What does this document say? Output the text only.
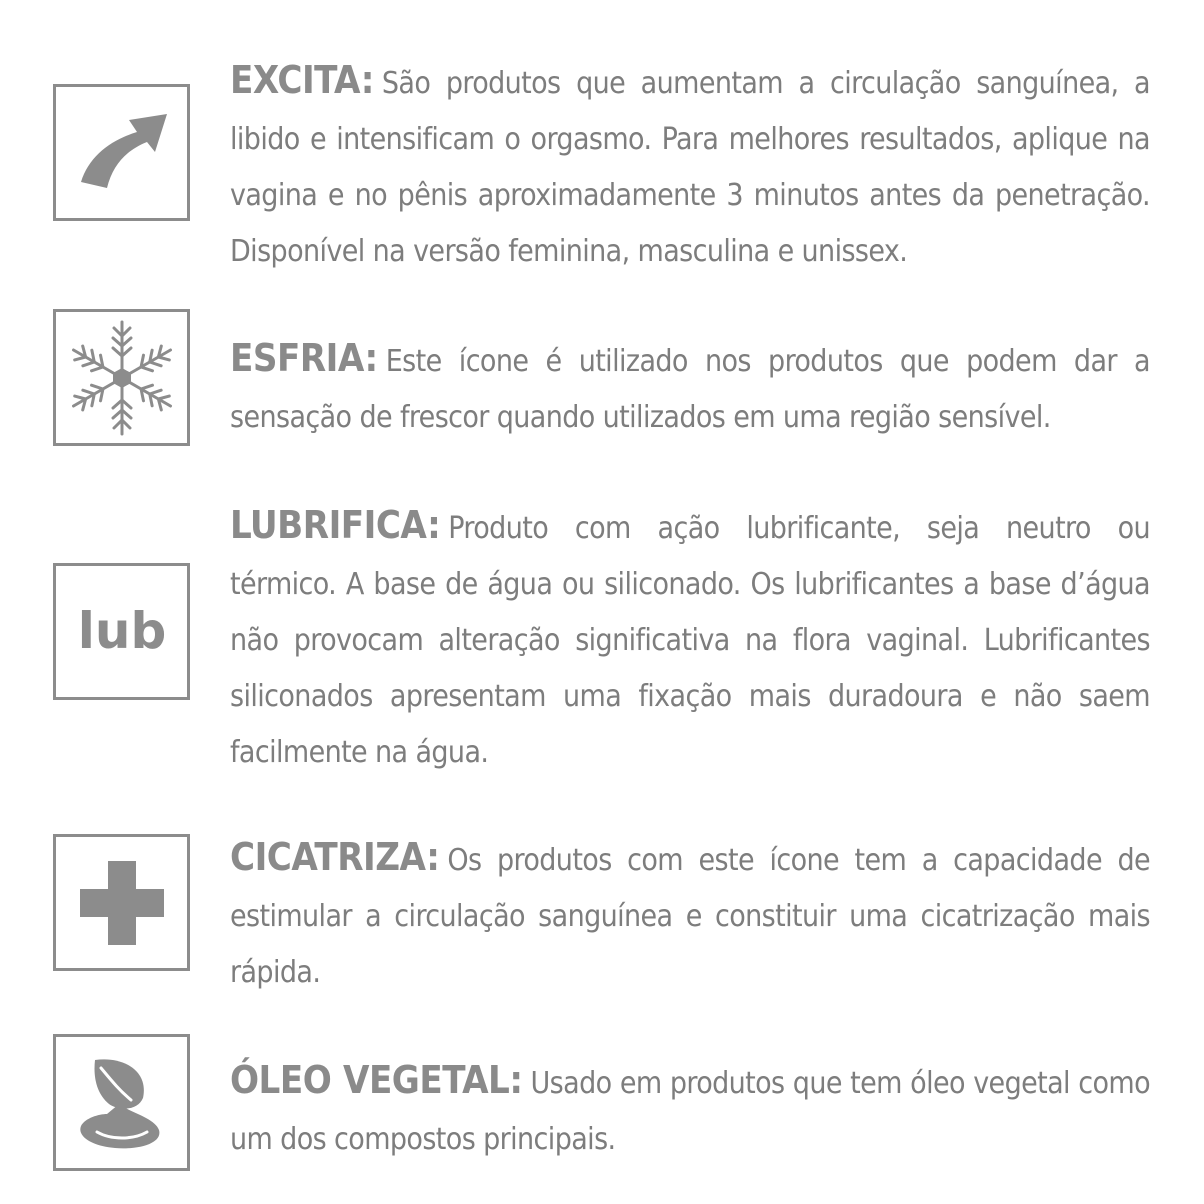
EXCITA: São produtos que aumentam a circulação sanguínea, a libido e intensificam o orgasmo. Para melhores resultados, aplique na vagina e no pênis aproximadamente 3 minutos antes da penetração. Disponível na versão feminina, masculina e unissex.
ESFRIA: Este ícone é utilizado nos produtos que podem dar a sensação de frescor quando utilizados em uma região sensível.
lub
LUBRIFICA: Produto com ação lubrificante, seja neutro ou térmico. A base de água ou siliconado. Os lubrificantes a base d’água não provocam alteração significativa na flora vaginal. Lubrificantes siliconados apresentam uma fixação mais duradoura e não saem facilmente na água.
CICATRIZA: Os produtos com este ícone tem a capacidade de estimular a circulação sanguínea e constituir uma cicatrização mais rápida.
ÓLEO VEGETAL: Usado em produtos que tem óleo vegetal como um dos compostos principais.
